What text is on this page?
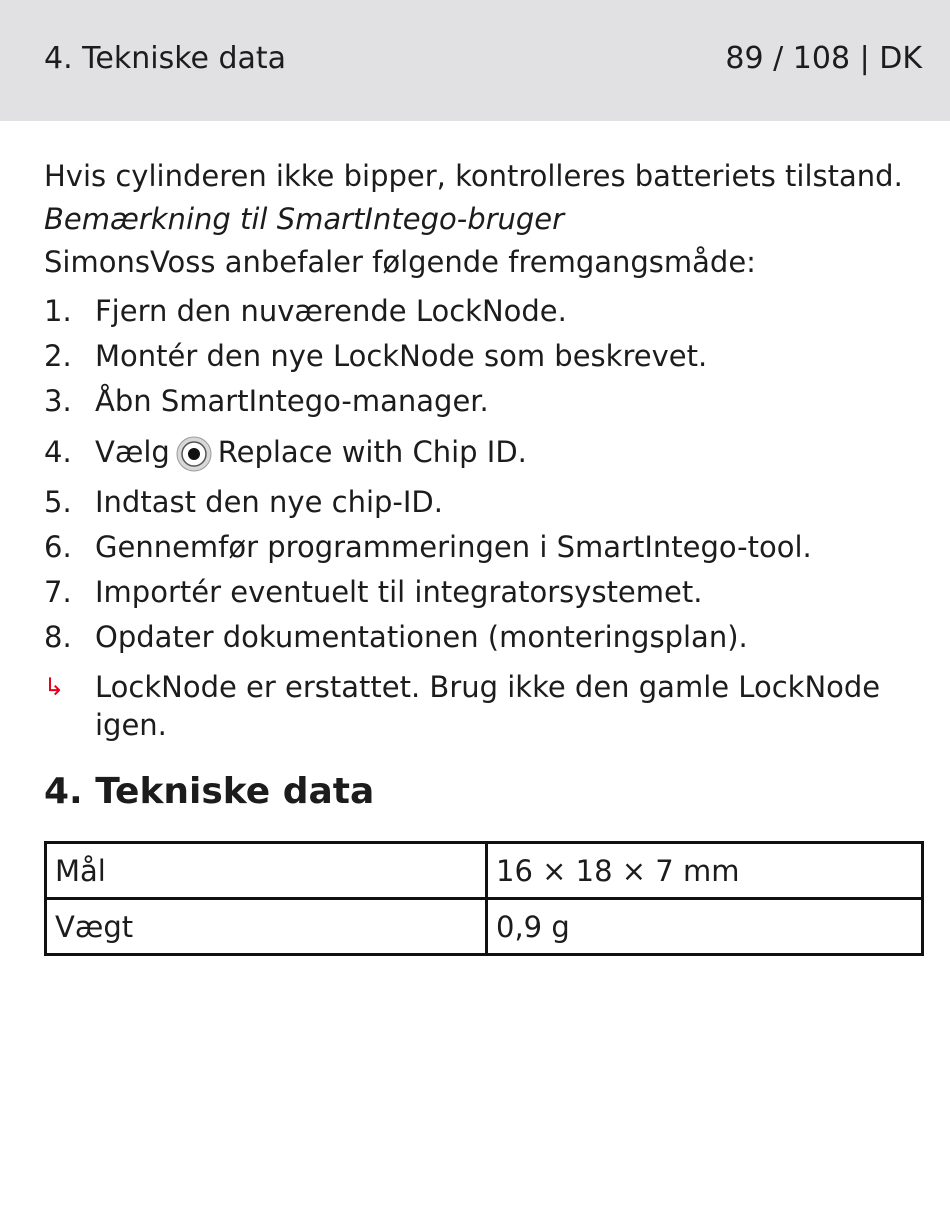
4. Tekniske data	89 / 108 | DK

Hvis cylinderen ikke bipper, kontrolleres batteriets tilstand.

Bemærkning til SmartIntego-bruger

SimonsVoss anbefaler følgende fremgangsmåde:

1. Fjern den nuværende LockNode.
2. Montér den nye LockNode som beskrevet.
3. Åbn SmartIntego-manager.
4. Vælg Replace with Chip ID.
5. Indtast den nye chip-ID.
6. Gennemfør programmeringen i SmartIntego-tool.
7. Importér eventuelt til integratorsystemet.
8. Opdater dokumentationen (monteringsplan).
↳ LockNode er erstattet. Brug ikke den gamle LockNode igen.
4. Tekniske data
Mål	16 × 18 × 7 mm
Vægt	0,9 g
